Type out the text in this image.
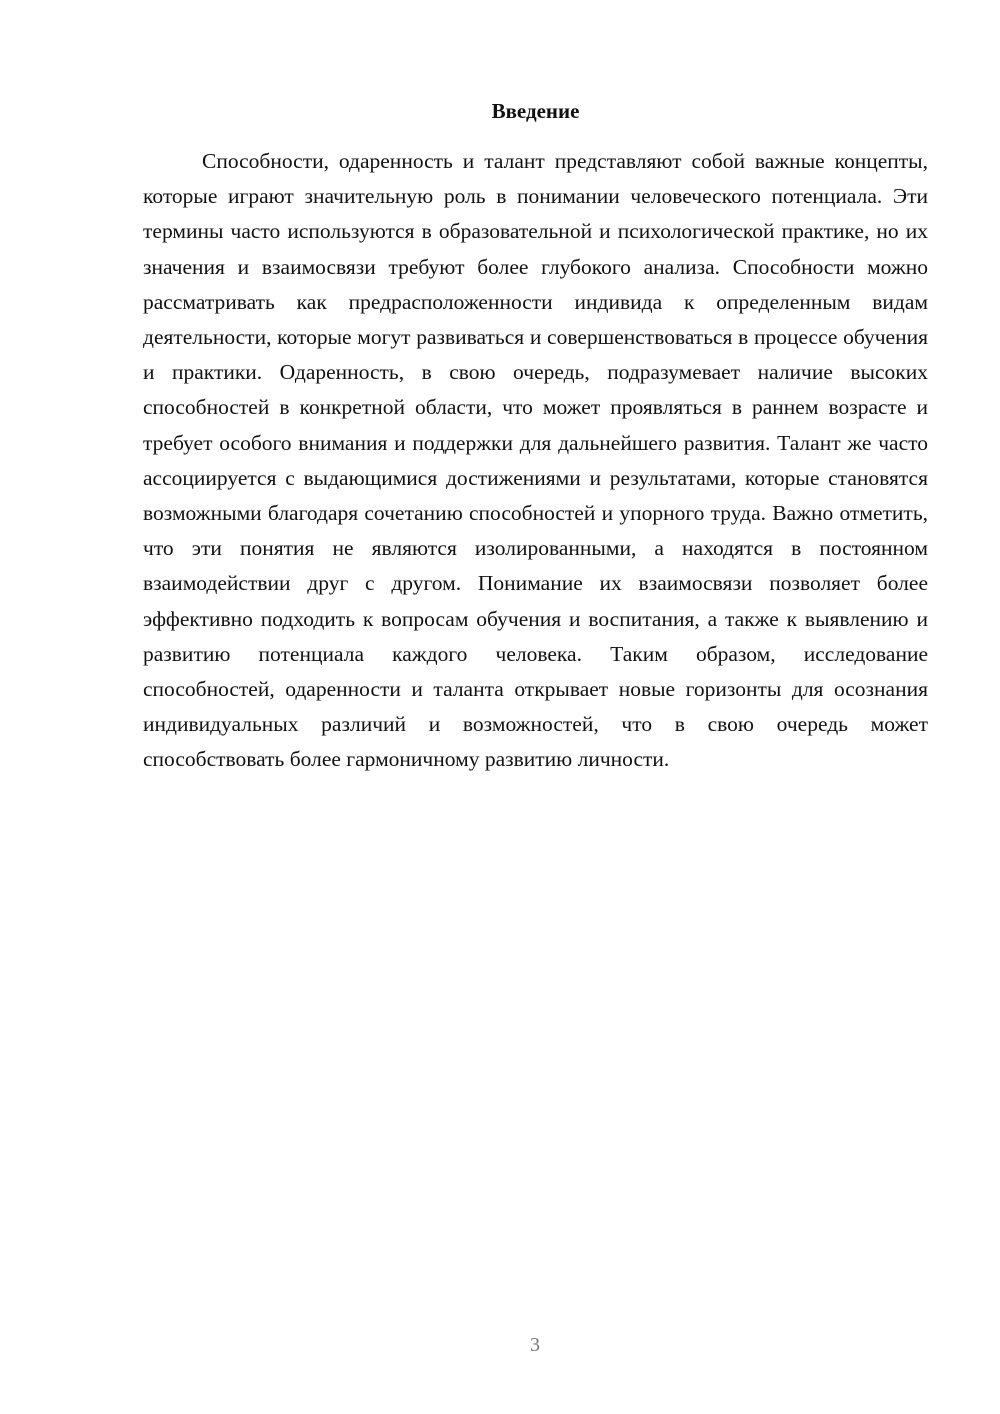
Введение

Способности, одаренность и талант представляют собой важные концепты, которые играют значительную роль в понимании человеческого потенциала. Эти термины часто используются в образовательной и психологической практике, но их значения и взаимосвязи требуют более глубокого анализа. Способности можно рассматривать как предрасположенности индивида к определенным видам деятельности, которые могут развиваться и совершенствоваться в процессе обучения и практики. Одаренность, в свою очередь, подразумевает наличие высоких способностей в конкретной области, что может проявляться в раннем возрасте и требует особого внимания и поддержки для дальнейшего развития. Талант же часто ассоциируется с выдающимися достижениями и результатами, которые становятся возможными благодаря сочетанию способностей и упорного труда. Важно отметить, что эти понятия не являются изолированными, а находятся в постоянном взаимодействии друг с другом. Понимание их взаимосвязи позволяет более эффективно подходить к вопросам обучения и воспитания, а также к выявлению и развитию потенциала каждого человека. Таким образом, исследование способностей, одаренности и таланта открывает новые горизонты для осознания индивидуальных различий и возможностей, что в свою очередь может способствовать более гармоничному развитию личности.

3
